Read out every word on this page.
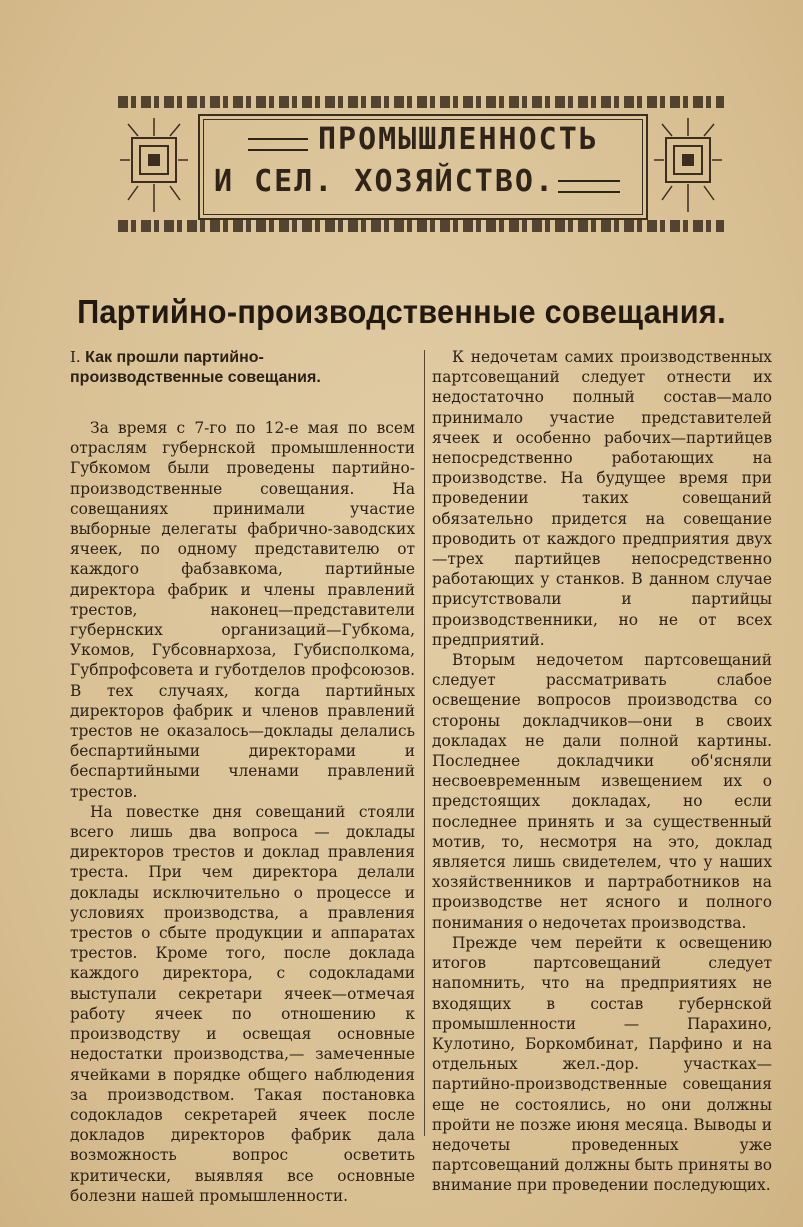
ПРОМЫШЛЕННОСТЬ
И СЕЛ. ХОЗЯЙСТВО.
Партийно-производственные совещания.
I. Как прошли партийно-производственные совещания.

За время с 7-го по 12-е мая по всем отраслям губернской промышленности Губкомом были проведены партийно-производственные совещания. На совещаниях принимали участие выборные делегаты фабрично-заводских ячеек, по одному представителю от каждого фабзавкома, партийные директора фабрик и члены правлений трестов, наконец—представители губернских организаций—Губкома, Укомов, Губсовнархоза, Губисполкома, Губпрофсовета и губотделов профсоюзов. В тех случаях, когда партийных директоров фабрик и членов правлений трестов не оказалось—доклады делались беспартийными директорами и беспартийными членами правлений трестов.

На повестке дня совещаний стояли всего лишь два вопроса — доклады директоров трестов и доклад правления треста. При чем директора делали доклады исключительно о процессе и условиях производства, а правления трестов о сбыте продукции и аппаратах трестов. Кроме того, после доклада каждого директора, с содокладами выступали секретари ячеек—отмечая работу ячеек по отношению к производству и освещая основные недостатки производства,— замеченные ячейками в порядке общего наблюдения за производством. Такая постановка содокладов секретарей ячеек после докладов директоров фабрик дала возможность вопрос осветить критически, выявляя все основные болезни нашей промышленности.

К недочетам самих производственных партсовещаний следует отнести их недостаточно полный состав—мало принимало участие представителей ячеек и особенно рабочих—партийцев непосредственно работающих на производстве. На будущее время при проведении таких совещаний обязательно придется на совещание проводить от каждого предприятия двух—трех партийцев непосредственно работающих у станков. В данном случае присутствовали и партийцы производственники, но не от всех предприятий.

Вторым недочетом партсовещаний следует рассматривать слабое освещение вопросов производства со стороны докладчиков—они в своих докладах не дали полной картины. Последнее докладчики об'ясняли несвоевременным извещением их о предстоящих докладах, но если последнее принять и за существенный мотив, то, несмотря на это, доклад является лишь свидетелем, что у наших хозяйственников и партработников на производстве нет ясного и полного понимания о недочетах производства.

Прежде чем перейти к освещению итогов партсовещаний следует напомнить, что на предприятиях не входящих в состав губернской промышленности — Парахино, Кулотино, Боркомбинат, Парфино и на отдельных жел.-дор. участках—партийно-производственные совещания еще не состоялись, но они должны пройти не позже июня месяца. Выводы и недочеты проведенных уже партсовещаний должны быть приняты во внимание при проведении последующих.
